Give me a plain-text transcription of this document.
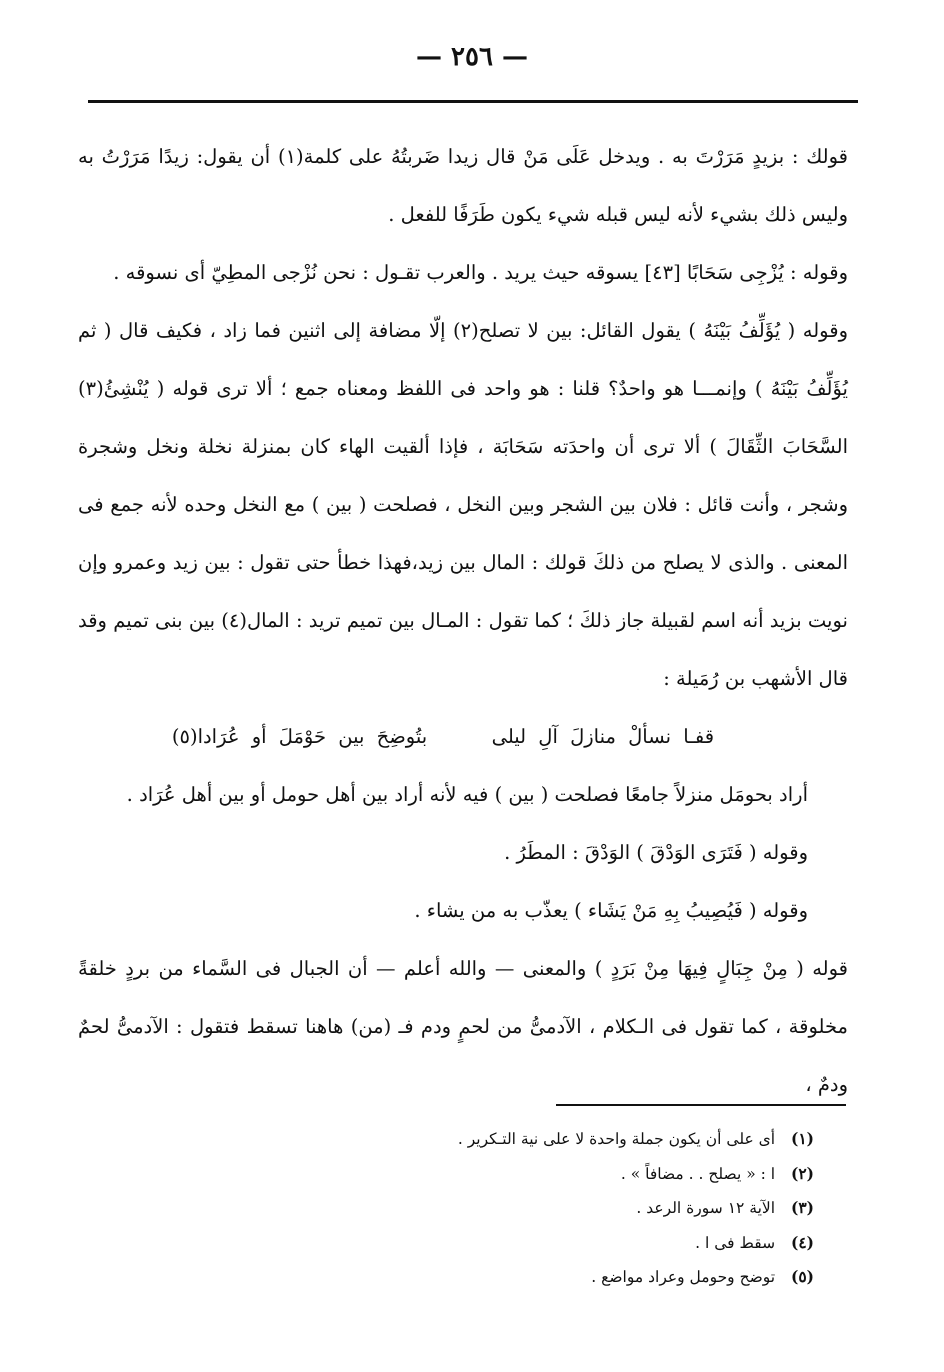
— ٢٥٦ —

قولك : بزيدٍ مَرَرْتَ به . ويدخل عَلَى مَنْ قال زيدا ضَربتُهُ على كلمة(١) أن يقول: زيدًا مَرَرْتُ به وليس ذلك بشيء لأنه ليس قبله شيء يكون طَرَفًا للفعل .

وقوله : يُزْجِى سَحَابًا [٤٣] يسوقه حيث يريد . والعرب تقـول : نحن نُزْجى المطِيّ أى نسوقه .

وقوله ( يُؤَلِّفُ بَيْنَهُ ) يقول القائل: بين لا تصلح(٢) إلّا مضافة إلى اثنين فما زاد ، فكيف قال ( ثم يُؤَلِّفُ بَيْنَهُ ) وإنمـــا هو واحدٌ؟ قلنا : هو واحد فى اللفظ ومعناه جمع ؛ ألا ترى قوله ( يُنْشِئُ(٣) السَّحَابَ الثِّقَالَ ) ألا ترى أن واحدَته سَحَابَة ، فإذا ألقيت الهاء كان بمنزلة نخلة ونخل وشجرة وشجر ، وأنت قائل : فلان بين الشجر وبين النخل ، فصلحت ( بين ) مع النخل وحده لأنه جمع فى المعنى . والذى لا يصلح من ذلكَ قولك : المال بين زيد،فهذا خطأ حتى تقول : بين زيد وعمرو وإن نويت بزيد أنه اسم لقبيلة جاز ذلكَ ؛ كما تقول : المـال بين تميم تريد : المال(٤) بين بنى تميم وقد قال الأشهب بن رُمَيلة :

قفـا نسألْ منازلَ آلِ ليلى  بتُوضِحَ بين حَوْمَلَ أو عُرَادا(٥)

أراد بحومَل منزلاً جامعًا فصلحت ( بين ) فيه لأنه أراد بين أهل حومل أو بين أهل عُرَاد .

وقوله ( فَتَرَى الوَدْقَ ) الوَدْقَ : المطَرُ .

وقوله ( فَيُصِيبُ بِهِ مَنْ يَشَاء ) يعذّب به من يشاء .

قوله ( مِنْ جِبَالٍ فِيهَا مِنْ بَرَدٍ ) والمعنى — والله أعلم — أن الجبال فى السَّماء من بردٍ خلقةً مخلوقة ، كما تقول فى الـكلام ، الآدمىُّ من لحمٍ ودم فـ (من) هاهنا تسقط فتقول : الآدمىُّ لحمٌ ودمٌ ،

(١) أى على أن يكون جملة واحدة لا على نية التـكرير .
(٢) ا : « يصلح . . مضافاً » .
(٣) الآية ١٢ سورة الرعد .
(٤) سقط فى ا .
(٥) توضح وحومل وعراد مواضع .
